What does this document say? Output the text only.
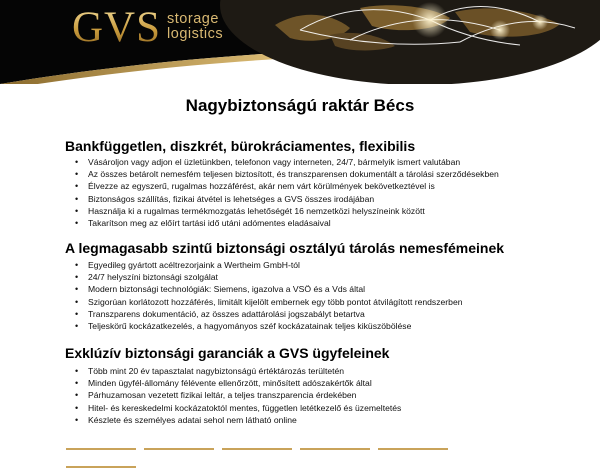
GVS storage
logistics
Nagybiztonságú raktár Bécs
Bankfüggetlen, diszkrét, bürokráciamentes, flexibilis
• Vásároljon vagy adjon el üzletünkben, telefonon vagy interneten, 24/7, bármelyik ismert valutában
• Az összes betárolt nemesfém teljesen biztosított, és transzparensen dokumentált a tárolási szerződésekben
• Élvezze az egyszerű, rugalmas hozzáférést, akár nem várt körülmények bekövetkeztével is
• Biztonságos szállítás, fizikai átvétel is lehetséges a GVS összes irodájában
• Használja ki a rugalmas termékmozgatás lehetőségét 16 nemzetközi helyszíneink között
• Takarítson meg az előírt tartási idő utáni adómentes eladásaival
A legmagasabb szintű biztonsági osztályú tárolás nemesfémeinek
• Egyedileg gyártott acéltrezorjaink a Wertheim GmbH-tól
• 24/7 helyszíni biztonsági szolgálat
• Modern biztonsági technológiák: Siemens, igazolva a VSÖ és a Vds által
• Szigorúan korlátozott hozzáférés, limitált kijelölt embernek egy több pontot átvilágított rendszerben
• Transzparens dokumentáció, az összes adattárolási jogszabályt betartva
• Teljeskörű kockázatkezelés, a hagyományos széf kockázatainak teljes kiküszöbölése
Exklúzív biztonsági garanciák a GVS ügyfeleinek
• Több mint 20 év tapasztalat nagybiztonságú értéktározás terültetén
• Minden ügyfél-állomány félévente ellenőrzött, minősített adószakértők által
• Párhuzamosan vezetett fizikai leltár, a teljes transzparencia érdekében
• Hitel- és kereskedelmi kockázatoktól mentes, független letétkezelő és üzemeltetés
• Készlete és személyes adatai sehol nem látható online
